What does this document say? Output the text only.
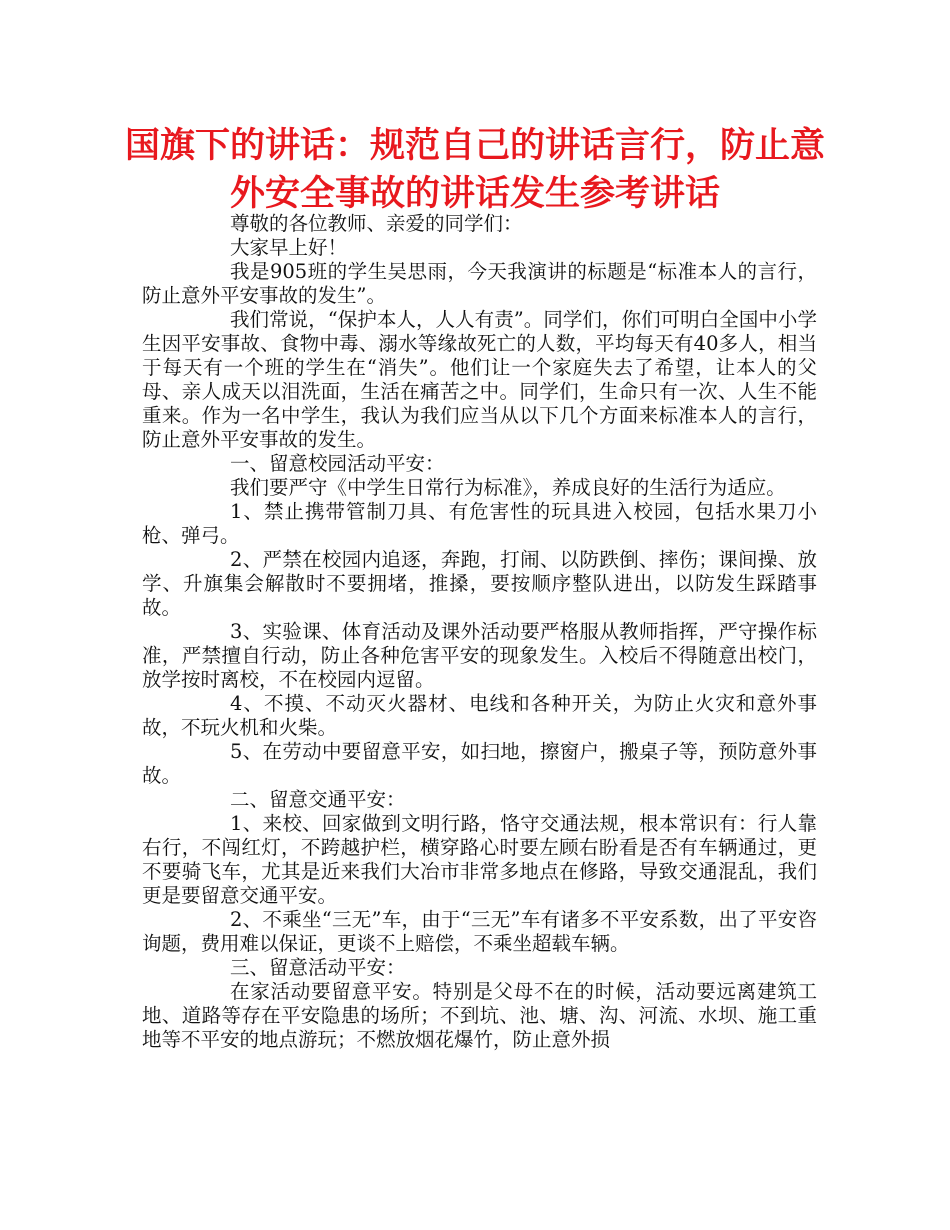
国旗下的讲话：规范自己的讲话言行，防止意外安全事故的讲话发生参考讲话

尊敬的各位教师、亲爱的同学们：

大家早上好！

我是905班的学生吴思雨，今天我演讲的标题是“标准本人的言行，防止意外平安事故的发生”。

我们常说，“保护本人，人人有责”。同学们，你们可明白全国中小学生因平安事故、食物中毒、溺水等缘故死亡的人数，平均每天有40多人，相当于每天有一个班的学生在“消失”。他们让一个家庭失去了希望，让本人的父母、亲人成天以泪洗面，生活在痛苦之中。同学们，生命只有一次、人生不能重来。作为一名中学生，我认为我们应当从以下几个方面来标准本人的言行，防止意外平安事故的发生。

一、留意校园活动平安：

我们要严守《中学生日常行为标准》，养成良好的生活行为适应。

1、禁止携带管制刀具、有危害性的玩具进入校园，包括水果刀小枪、弹弓。

2、严禁在校园内追逐，奔跑，打闹、以防跌倒、摔伤；课间操、放学、升旗集会解散时不要拥堵，推搡，要按顺序整队进出，以防发生踩踏事故。

3、实验课、体育活动及课外活动要严格服从教师指挥，严守操作标准，严禁擅自行动，防止各种危害平安的现象发生。入校后不得随意出校门，放学按时离校，不在校园内逗留。

4、不摸、不动灭火器材、电线和各种开关，为防止火灾和意外事故，不玩火机和火柴。

5、在劳动中要留意平安，如扫地，擦窗户，搬桌子等，预防意外事故。

二、留意交通平安：

1、来校、回家做到文明行路，恪守交通法规，根本常识有：行人靠右行，不闯红灯，不跨越护栏，横穿路心时要左顾右盼看是否有车辆通过，更不要骑飞车，尤其是近来我们大冶市非常多地点在修路，导致交通混乱，我们更是要留意交通平安。

2、不乘坐“三无”车，由于“三无”车有诸多不平安系数，出了平安咨询题，费用难以保证，更谈不上赔偿，不乘坐超载车辆。

三、留意活动平安：

在家活动要留意平安。特别是父母不在的时候，活动要远离建筑工地、道路等存在平安隐患的场所；不到坑、池、塘、沟、河流、水坝、施工重地等不平安的地点游玩；不燃放烟花爆竹，防止意外损
